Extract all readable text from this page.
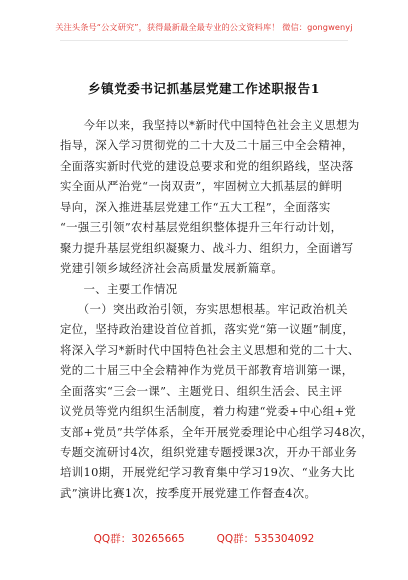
关注头条号“公文研究”，获得最新最全最专业的公文资料库！ 微信：gongwenyj
乡镇党委书记抓基层党建工作述职报告1
　　今年以来，我坚持以*新时代中国特色社会主义思想为
指导，深入学习贯彻党的二十大及二十届三中全会精神，
全面落实新时代党的建设总要求和党的组织路线，坚决落
实全面从严治党“一岗双责”，牢固树立大抓基层的鲜明
导向，深入推进基层党建工作“五大工程”，全面落实
“一强三引领”农村基层党组织整体提升三年行动计划，
聚力提升基层党组织凝聚力、战斗力、组织力，全面谱写
党建引领乡域经济社会高质量发展新篇章。
　　一、主要工作情况
　　（一）突出政治引领，夯实思想根基。牢记政治机关
定位，坚持政治建设首位首抓，落实党“第一议题”制度，
将深入学习*新时代中国特色社会主义思想和党的二十大、
党的二十届三中全会精神作为党员干部教育培训第一课，
全面落实“三会一课”、主题党日、组织生活会、民主评
议党员等党内组织生活制度，着力构建“党委+中心组+党
支部+党员”共学体系，全年开展党委理论中心组学习48次，
专题交流研讨4次，组织党建专题授课3次，开办干部业务
培训10期，开展党纪学习教育集中学习19次、“业务大比
武”演讲比赛1次，按季度开展党建工作督查4次。
QQ群：30265665	QQ群：535304092
